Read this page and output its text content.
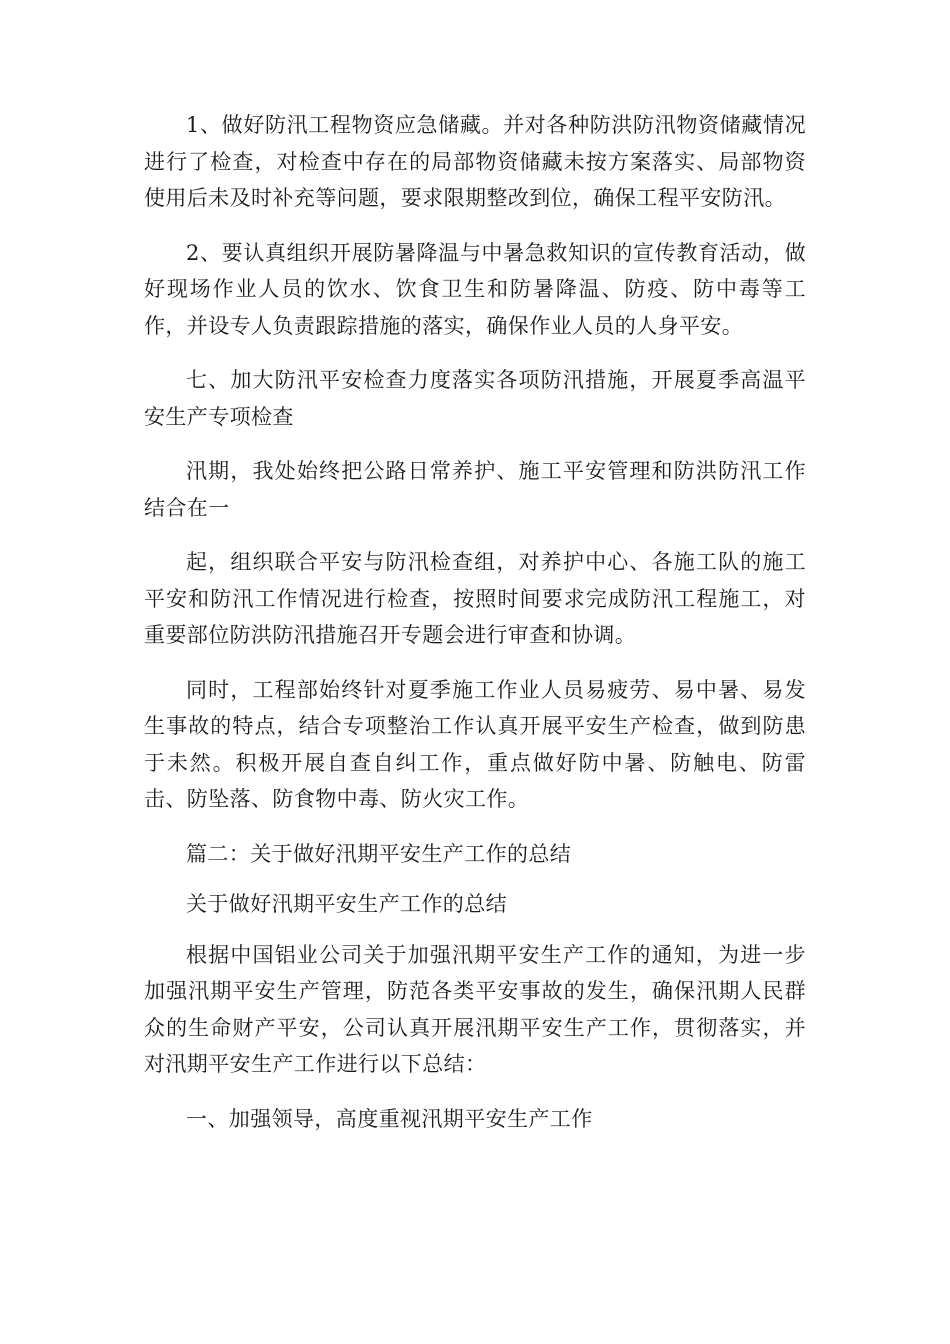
1、做好防汛工程物资应急储藏。并对各种防洪防汛物资储藏情况进行了检查，对检查中存在的局部物资储藏未按方案落实、局部物资使用后未及时补充等问题，要求限期整改到位，确保工程平安防汛。

2、要认真组织开展防暑降温与中暑急救知识的宣传教育活动，做好现场作业人员的饮水、饮食卫生和防暑降温、防疫、防中毒等工作，并设专人负责跟踪措施的落实，确保作业人员的人身平安。

七、加大防汛平安检查力度落实各项防汛措施，开展夏季高温平安生产专项检查

汛期，我处始终把公路日常养护、施工平安管理和防洪防汛工作结合在一

起，组织联合平安与防汛检查组，对养护中心、各施工队的施工平安和防汛工作情况进行检查，按照时间要求完成防汛工程施工，对重要部位防洪防汛措施召开专题会进行审查和协调。

同时，工程部始终针对夏季施工作业人员易疲劳、易中暑、易发生事故的特点，结合专项整治工作认真开展平安生产检查，做到防患于未然。积极开展自查自纠工作，重点做好防中暑、防触电、防雷击、防坠落、防食物中毒、防火灾工作。

篇二：关于做好汛期平安生产工作的总结

关于做好汛期平安生产工作的总结

根据中国铝业公司关于加强汛期平安生产工作的通知，为进一步加强汛期平安生产管理，防范各类平安事故的发生，确保汛期人民群众的生命财产平安，公司认真开展汛期平安生产工作，贯彻落实，并对汛期平安生产工作进行以下总结：

一、加强领导，高度重视汛期平安生产工作
